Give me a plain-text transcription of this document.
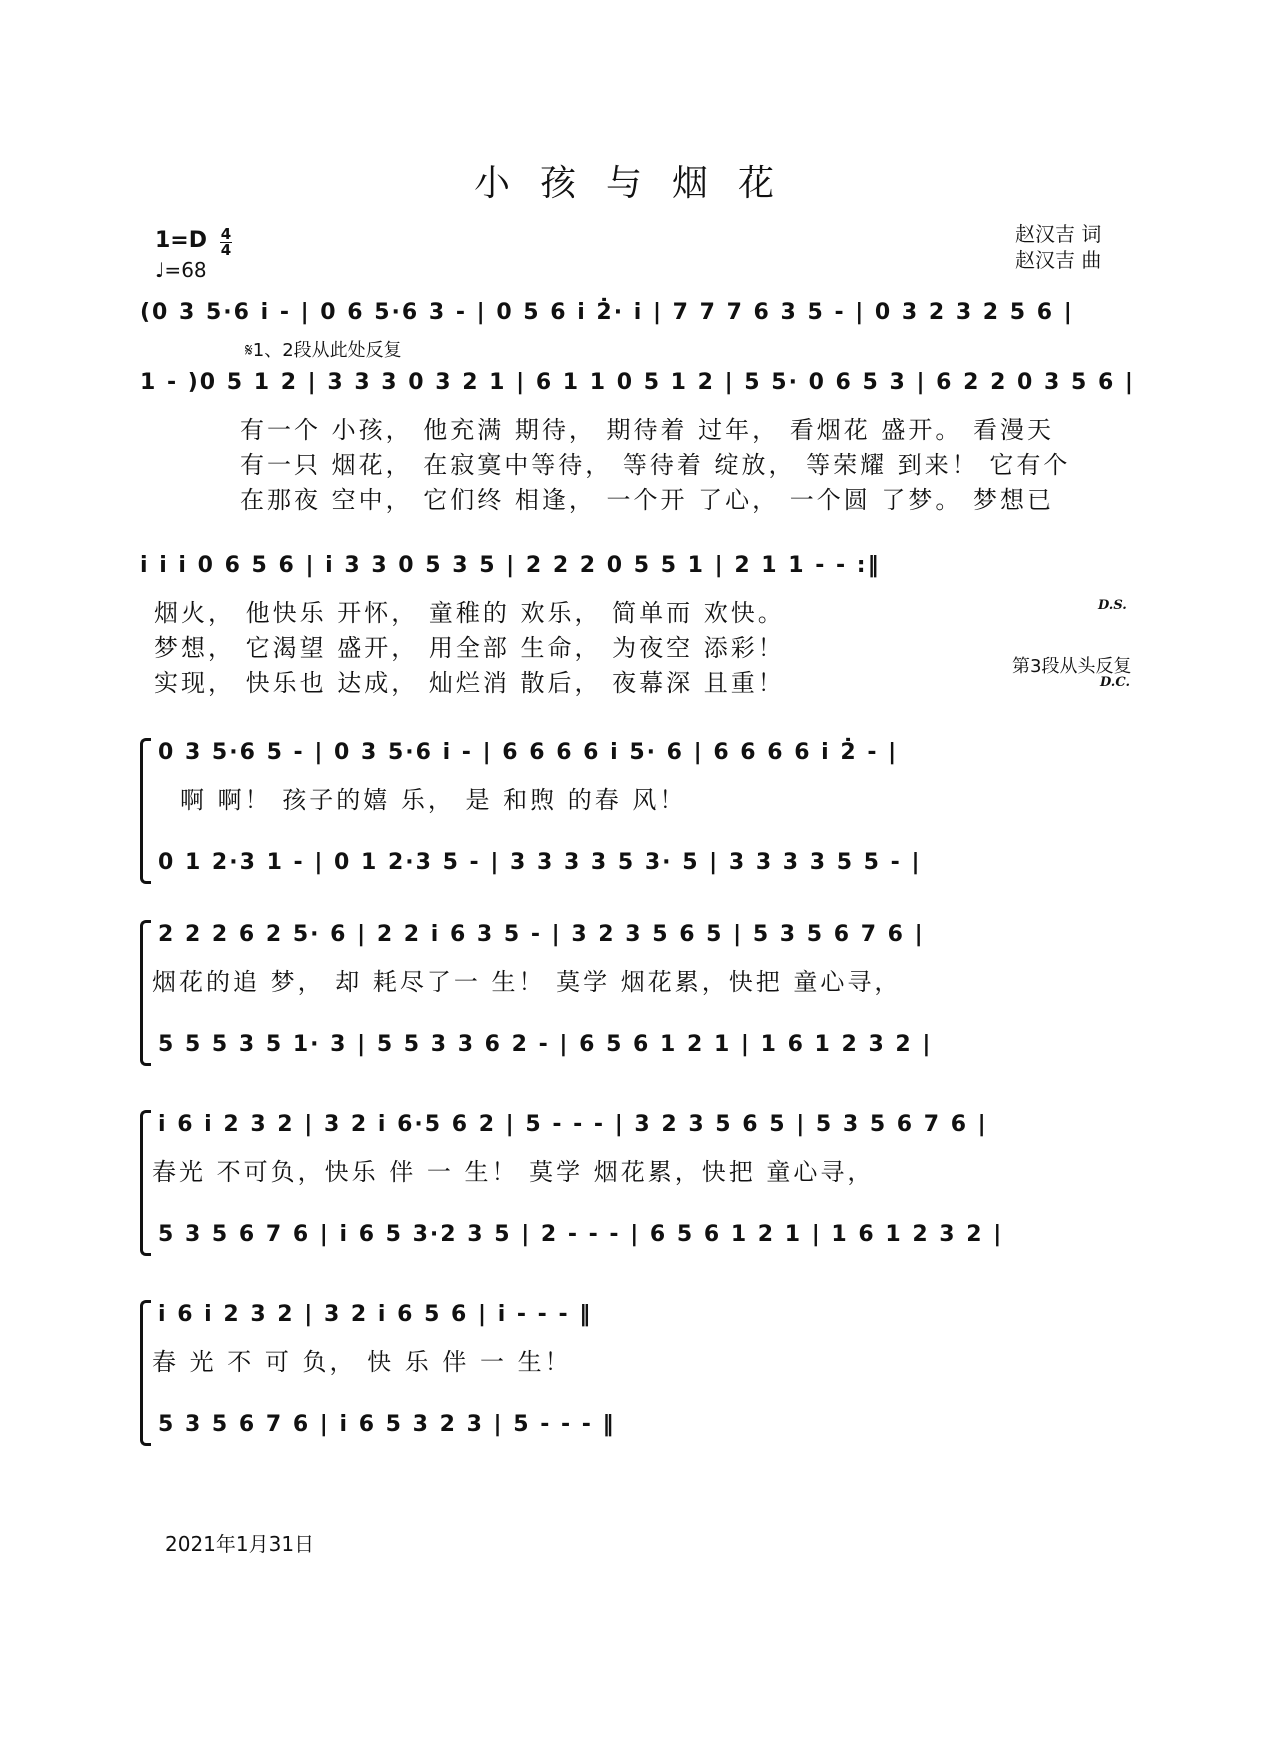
小孩与烟花
1=D 4
4
♩=68
赵汉吉 词
赵汉吉 曲
(0 3 5·6 i - | 0 6 5·6 3 - | 0 5 6 i 2̇· i | 7 7 7 6 3 5 - | 0 3 2 3 2 5 6 |
𝄋1、2段从此处反复
1 - )0 5 1 2 | 3 3 3 0 3 2 1 | 6 1 1 0 5 1 2 | 5 5· 0 6 5 3 | 6 2 2 0 3 5 6 |
有一个 小孩， 他充满 期待， 期待着 过年， 看烟花 盛开。 看漫天
有一只 烟花， 在寂寞中等待， 等待着 绽放， 等荣耀 到来！ 它有个
在那夜 空中， 它们终 相逢， 一个开 了心， 一个圆 了梦。 梦想已
i i i 0 6 5 6 | i 3 3 0 5 3 5 | 2 2 2 0 5 5 1 | 2 1 1 - - :‖
烟火， 他快乐 开怀， 童稚的 欢乐， 简单而 欢快。
梦想， 它渴望 盛开， 用全部 生命， 为夜空 添彩！
实现， 快乐也 达成， 灿烂消 散后， 夜幕深 且重！
D.S.
第3段从头反复
D.C.
0 3 5·6 5 - | 0 3 5·6 i - | 6 6 6 6 i 5· 6 | 6 6 6 6 i 2̇ - |
啊 啊！ 孩子的嬉 乐， 是 和煦 的春 风！
0 1 2·3 1 - | 0 1 2·3 5 - | 3 3 3 3 5 3· 5 | 3 3 3 3 5 5 - |
2 2 2 6 2 5· 6 | 2 2 i 6 3 5 - | 3 2 3 5 6 5 | 5 3 5 6 7 6 |
烟花的追 梦， 却 耗尽了一 生！ 莫学 烟花累，快把 童心寻，
5 5 5 3 5 1· 3 | 5 5 3 3 6 2 - | 6 5 6 1 2 1 | 1 6 1 2 3 2 |
i 6 i 2 3 2 | 3 2 i 6·5 6 2 | 5 - - - | 3 2 3 5 6 5 | 5 3 5 6 7 6 |
春光 不可负，快乐 伴 一 生！ 莫学 烟花累，快把 童心寻，
5 3 5 6 7 6 | i 6 5 3·2 3 5 | 2 - - - | 6 5 6 1 2 1 | 1 6 1 2 3 2 |
i 6 i 2 3 2 | 3 2 i 6 5 6 | i - - - ‖
春 光 不 可 负， 快 乐 伴 一 生！
5 3 5 6 7 6 | i 6 5 3 2 3 | 5 - - - ‖
2021年1月31日
